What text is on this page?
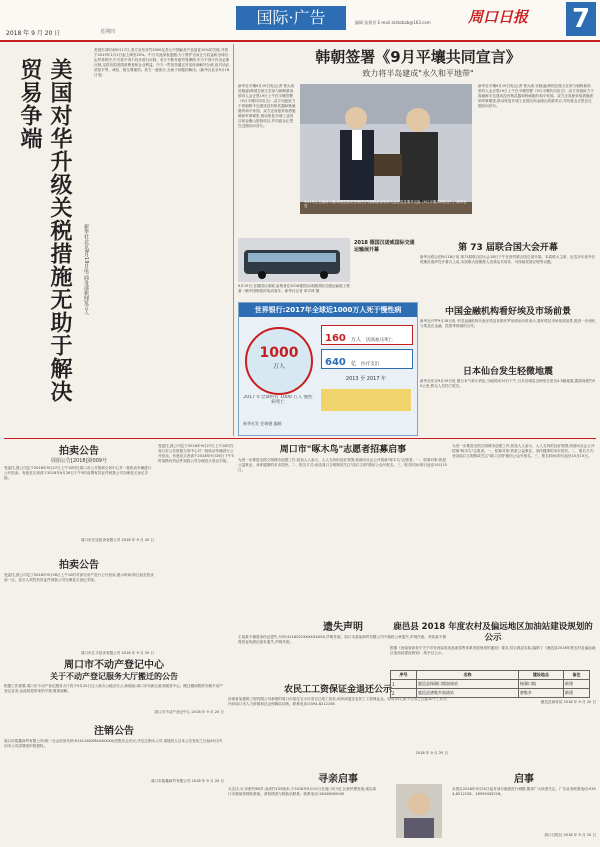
2018 年 9 月 20 日	星期四
国际·广告	编辑 张弼君 E-mail zkrbsbzb@163.com	周口日报 7
美国对华升级关税措施无助于解决贸易争端
新华社北京9月19日电 商务部新闻发言人
美国东部时间9月17日,美方宣布对约2000亿美元中国输美产品加征10%的关税,并将于2019年1月1日起上调至25%。中方对此深表遗憾,为了维护自身正当权益和全球自由贸易秩序,中方将不得不同步进行反制。美方不断升级贸易摩擦,中方不得不作出必要反制,这将有损美国消费者和企业利益。中方一贯坚持通过对话协商解决分歧,但对话必须是平等、诚信、相互尊重的。美方一意孤行,无助于问题的解决。(新华社北京9月18日电)
韩朝签署《9月平壤共同宣言》
致力将半岛建成"永久和平地带"
新华社平壤9月19日电(记者 程大雨 吴晓凌)韩国总统文在寅与朝鲜最高领导人金正恩19日上午在平壤签署《9月平壤共同宣言》,双方同意致力于将朝鲜半岛建成没有核武器和核威胁的和平家园。双方还同意采取措施缓和军事紧张,推动恢复开城工业园区和金刚山旅游项目,并同意金正恩在近期访问首尔。
9月19日,在朝鲜平壤,韩国总统文在寅(左)与朝鲜最高领导人金正恩签署并交换《9月平壤共同宣言》。新华社发
新华社平壤9月19日电(记者 程大雨 吴晓凌)韩国总统文在寅与朝鲜最高领导人金正恩19日上午在平壤签署《9月平壤共同宣言》,双方同意致力于将朝鲜半岛建成没有核武器和核威胁的和平家园。双方还同意采取措施缓和军事紧张,推动恢复开城工业园区和金刚山旅游项目,并同意金正恩在近期访问首尔。
9月19日,在德国汉诺威,参观者在2018德国汉诺威国际交通运输展上观看一辆中国制造的电动客车。新华社记者 单宇琦 摄
2018 德国汉诺威国际交通运输展开幕
世界银行:2017年全球近1000万人死于慢性病
1000
万人
2017 年全球约有 1000 万人 慢性病死亡
160 万人 因高血压死亡
640 亿 医疗支出
2013 至 2017 年
新华社发 任瑞德 编制
第 73 届联合国大会开幕
新华社联合国9月18日电 第73届联合国大会18日下午在纽约联合国总部开幕。本届联大主席、厄瓜多尔前外长埃斯皮诺萨在开幕式上说,本届联大将聚焦人类命运共同体、可持续发展议程等议题。
中国金融机构看好埃及市场前景
新华社开罗9月18日电 中国金融机构代表在埃及首都开罗出席论坛时表示,看好埃及市场发展前景,愿进一步深化与埃及在金融、投资等领域的合作。
日本仙台发生轻微地震
新华社东京9月19日电 据日本气象厅消息,当地时间19日下午,日本宫城县近海发生里氏4.5级地震,震源深度约50公里,暂无人员伤亡报告。
拍卖公告
周拍公告[2018]第009号
受委托,我公司定于2018年9月27日上午10时在周口市公共资源交易中心对一批机动车辆进行公开拍卖。有意竞买者请于2018年9月26日下午5时前携有效证件到我公司办理竞买登记手续。
周口市宏达拍卖有限公司 2018 年 9 月 20 日
拍卖公告
受委托,我公司定于2018年9月28日上午10时对部分房产进行公开拍卖,展示时间:即日起至拍卖前一日。竞买人须凭有效证件到我公司办理竞买登记手续。
周口市汇丰拍卖有限公司 2018 年 9 月 20 日
周口市不动产登记中心
关于不动产登记服务大厅搬迁的公告
根据工作需要,周口市不动产登记服务大厅将于9月25日迁入新办公地点办公,新地址:周口市东新区政务服务中心。搬迁期间暂停办理不动产登记业务,由此给您带来的不便,敬请谅解。
周口市不动产登记中心 2018 年 9 月 20 日
注销公告
周口市铭鑫商贸有限公司(统一社会信用代码:91411602MA44KXXX)经股东会决议,决定注销本公司,请债权人自本公告发布之日起45日内向本公司清算组申报债权。
周口市铭鑫商贸有限公司 2018 年 9 月 20 日
受委托,我公司定于2018年9月27日上午10时在周口市公共资源交易中心对一批机动车辆进行公开拍卖。有意竞买者请于2018年9月26日下午5时前携有效证件到我公司办理竞买登记手续。
周口市"啄木鸟"志愿者招募启事
为进一步推进全国文明城市创建工作,营造人人参与、人人支持的良好氛围,现面向社会公开招募"啄木鸟"志愿者。一、招募对象:热爱公益事业、身体健康的本市居民。二、报名方式:登录周口文明网或关注"周口文明"微信公众号报名。三、报名时间:即日起至10月15日。
遗失声明
王某某不慎将身份证遗失,号码:41160219XXXXXXXX,声明作废。周口市某某商贸有限公司不慎将公章遗失,声明作废。李某某不慎将营业执照正副本遗失,声明作废。
农民工工资保证金退还公示
河南省某建筑工程有限公司承建的周口市某住宅小区项目已竣工验收,现申请退还农民工工资保证金。如有异议,请于公示之日起10个工作日内向周口市人力资源和社会保障局反映。联系电话:0394-8212158
2018 年 9 月 20 日
寻亲启事
无名氏,女,年龄约60岁,身高约155厘米,于2018年9月10日在周口市川汇区被民警发现,现由周口市救助管理站救助。请知情者与救助站联系。联系电话:18436009045
为进一步推进全国文明城市创建工作,营造人人参与、人人支持的良好氛围,现面向社会公开招募"啄木鸟"志愿者。一、招募对象:热爱公益事业、身体健康的本市居民。二、报名方式:登录周口文明网或关注"周口文明"微信公众号报名。三、报名时间:即日起至10月15日。
鹿邑县 2018 年度农村及偏远地区加油站建设规划的公示
根据《河南省商务厅关于印发河南省成品油零售体系发展规划的通知》要求,结合我县实际,编制了《鹿邑县2018年度农村及偏远地区加油站建设规划》,现予以公示。
序号	名称	建设地点	备注
1	鹿邑县杨湖口镇加油站	杨湖口镇	新建
2	鹿邑县唐集乡加油站	唐集乡	新建
鹿邑县商务局 2018 年 9 月 20 日
启事
本报自2018年9月20日起对部分版面进行调整,敬请广大读者关注。广告业务联系电话:0394-8212158、18939435216。
周口日报社 2018 年 9 月 20 日
